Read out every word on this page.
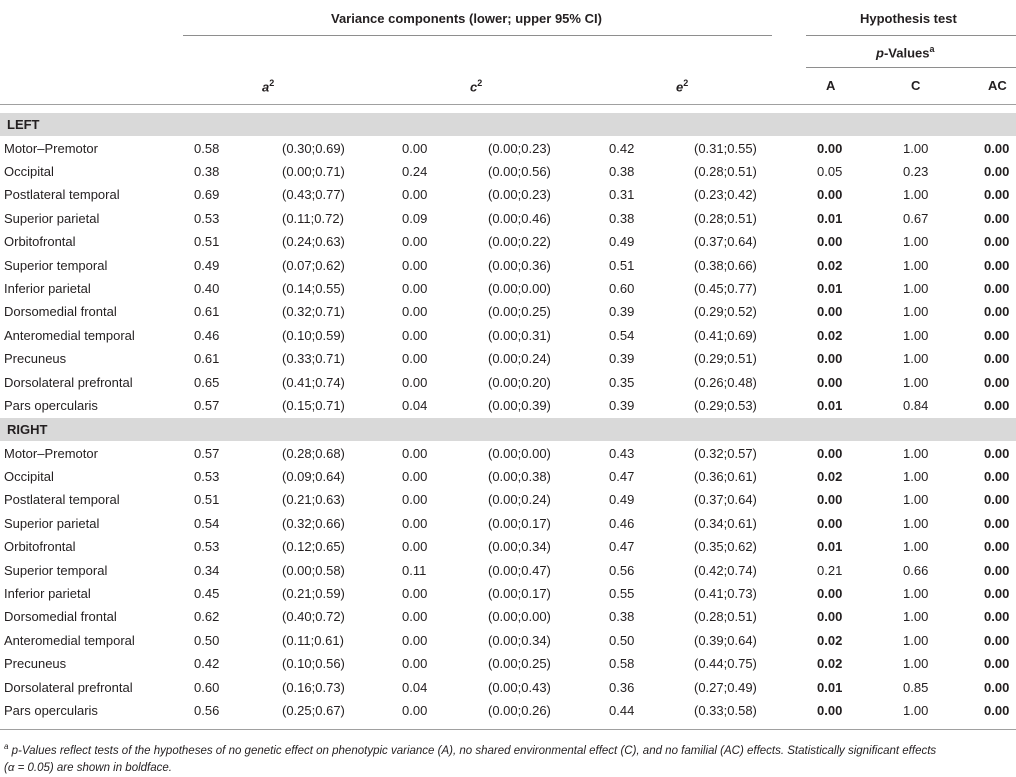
Variance components (lower; upper 95% CI)	Hypothesis test
p-Values$^a$
$a^2$	$c^2$	$e^2$	A	C	AC
LEFT
Motor–Premotor	0.58	(0.30;0.69)	0.00	(0.00;0.23)	0.42	(0.31;0.55)	0.00	1.00	0.00
Occipital	0.38	(0.00;0.71)	0.24	(0.00;0.56)	0.38	(0.28;0.51)	0.05	0.23	0.00
Postlateral temporal	0.69	(0.43;0.77)	0.00	(0.00;0.23)	0.31	(0.23;0.42)	0.00	1.00	0.00
Superior parietal	0.53	(0.11;0.72)	0.09	(0.00;0.46)	0.38	(0.28;0.51)	0.01	0.67	0.00
Orbitofrontal	0.51	(0.24;0.63)	0.00	(0.00;0.22)	0.49	(0.37;0.64)	0.00	1.00	0.00
Superior temporal	0.49	(0.07;0.62)	0.00	(0.00;0.36)	0.51	(0.38;0.66)	0.02	1.00	0.00
Inferior parietal	0.40	(0.14;0.55)	0.00	(0.00;0.00)	0.60	(0.45;0.77)	0.01	1.00	0.00
Dorsomedial frontal	0.61	(0.32;0.71)	0.00	(0.00;0.25)	0.39	(0.29;0.52)	0.00	1.00	0.00
Anteromedial temporal	0.46	(0.10;0.59)	0.00	(0.00;0.31)	0.54	(0.41;0.69)	0.02	1.00	0.00
Precuneus	0.61	(0.33;0.71)	0.00	(0.00;0.24)	0.39	(0.29;0.51)	0.00	1.00	0.00
Dorsolateral prefrontal	0.65	(0.41;0.74)	0.00	(0.00;0.20)	0.35	(0.26;0.48)	0.00	1.00	0.00
Pars opercularis	0.57	(0.15;0.71)	0.04	(0.00;0.39)	0.39	(0.29;0.53)	0.01	0.84	0.00
RIGHT
Motor–Premotor	0.57	(0.28;0.68)	0.00	(0.00;0.00)	0.43	(0.32;0.57)	0.00	1.00	0.00
Occipital	0.53	(0.09;0.64)	0.00	(0.00;0.38)	0.47	(0.36;0.61)	0.02	1.00	0.00
Postlateral temporal	0.51	(0.21;0.63)	0.00	(0.00;0.24)	0.49	(0.37;0.64)	0.00	1.00	0.00
Superior parietal	0.54	(0.32;0.66)	0.00	(0.00;0.17)	0.46	(0.34;0.61)	0.00	1.00	0.00
Orbitofrontal	0.53	(0.12;0.65)	0.00	(0.00;0.34)	0.47	(0.35;0.62)	0.01	1.00	0.00
Superior temporal	0.34	(0.00;0.58)	0.11	(0.00;0.47)	0.56	(0.42;0.74)	0.21	0.66	0.00
Inferior parietal	0.45	(0.21;0.59)	0.00	(0.00;0.17)	0.55	(0.41;0.73)	0.00	1.00	0.00
Dorsomedial frontal	0.62	(0.40;0.72)	0.00	(0.00;0.00)	0.38	(0.28;0.51)	0.00	1.00	0.00
Anteromedial temporal	0.50	(0.11;0.61)	0.00	(0.00;0.34)	0.50	(0.39;0.64)	0.02	1.00	0.00
Precuneus	0.42	(0.10;0.56)	0.00	(0.00;0.25)	0.58	(0.44;0.75)	0.02	1.00	0.00
Dorsolateral prefrontal	0.60	(0.16;0.73)	0.04	(0.00;0.43)	0.36	(0.27;0.49)	0.01	0.85	0.00
Pars opercularis	0.56	(0.25;0.67)	0.00	(0.00;0.26)	0.44	(0.33;0.58)	0.00	1.00	0.00
$^a$ p-Values reflect tests of the hypotheses of no genetic effect on phenotypic variance (A), no shared environmental effect (C), and no familial (AC) effects. Statistically significant effects
(α = 0.05) are shown in boldface.
